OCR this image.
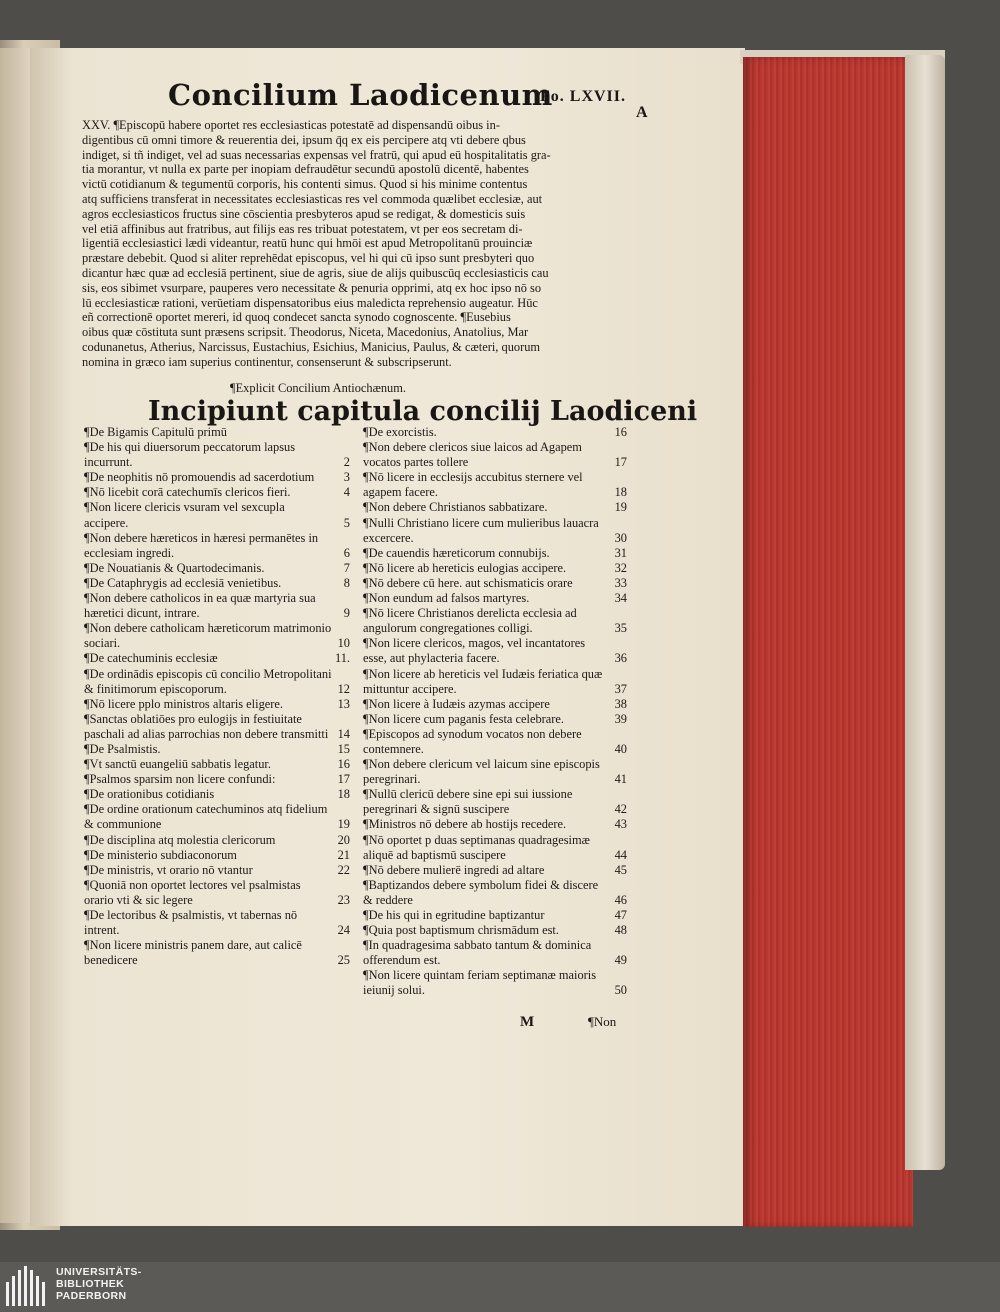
Concilium Laodicenum
Fo. LXVII.
A
XXV. ¶Episcopū habere oportet res ecclesiasticas potestatē ad dispensandū oibus in-
digentibus cū omni timore & reuerentia dei, ipsum q̄q ex eis percipere atq vti debere qbus
indiget, si tñ indiget, vel ad suas necessarias expensas vel fratrū, qui apud eū hospitalitatis gra-
tia morantur, vt nulla ex parte per inopiam defraudētur secundū apostolū dicentē, habentes
victū cotidianum & tegumentū corporis, his contenti simus. Quod si his minime contentus
atq sufficiens transferat in necessitates ecclesiasticas res vel commoda quælibet ecclesiæ, aut
agros ecclesiasticos fructus sine cōscientia presbyteros apud se redigat, & domesticis suis
vel etiā affinibus aut fratribus, aut filijs eas res tribuat potestatem, vt per eos secretam di-
ligentiā ecclesiastici lædi videantur, reatū hunc qui hmōi est apud Metropolitanū prouinciæ
præstare debebit. Quod si aliter reprehēdat episcopus, vel hi qui cū ipso sunt presbyteri quo
dicantur hæc quæ ad ecclesiā pertinent, siue de agris, siue de alijs quibuscūq ecclesiasticis cau
sis, eos sibimet vsurpare, pauperes vero necessitate & penuria opprimi, atq ex hoc ipso nō so
lū ecclesiasticæ rationi, verūetiam dispensatoribus eius maledicta reprehensio augeatur. Hūc
eñ correctionē oportet mereri, id quoq condecet sancta synodo cognoscente. ¶Eusebius
oibus quæ cōstituta sunt præsens scripsit. Theodorus, Niceta, Macedonius, Anatolius, Mar
codunanetus, Atherius, Narcissus, Eustachius, Esichius, Manicius, Paulus, & cæteri, quorum
nomina in græco iam superius continentur, consenserunt & subscripserunt.
¶Explicit Concilium Antiochænum.
Incipiunt capitula concilij Laodiceni
¶De Bigamis Capitulū primū
¶De his qui diuersorum peccatorum lapsus incurrunt.	2
¶De neophitis nō promouendis ad sacerdotium	3
¶Nō licebit corā catechumīs clericos fieri.	4
¶Non licere clericis vsuram vel sexcupla accipere.	5
¶Non debere hæreticos in hæresi permanētes in ecclesiam ingredi.	6
¶De Nouatianis & Quartodecimanis.	7
¶De Cataphrygis ad ecclesiā venietibus.	8
¶Non debere catholicos in ea quæ martyria sua hæretici dicunt, intrare.	9
¶Non debere catholicam hæreticorum matrimonio sociari.	10
¶De catechuminis ecclesiæ	11.
¶De ordinādis episcopis cū concilio Metropolitani & finitimorum episcoporum.	12
¶Nō licere pplo ministros altaris eligere.	13
¶Sanctas oblatiōes pro eulogijs in festiuitate paschali ad alias parrochias non debere transmitti 14
¶De Psalmistis.	15
¶Vt sanctū euangeliū sabbatis legatur.	16
¶Psalmos sparsim non licere confundi:	17
¶De orationibus cotidianis	18
¶De ordine orationum catechuminos atq fidelium & communione	19
¶De disciplina atq molestia clericorum	20
¶De ministerio subdiaconorum	21
¶De ministris, vt orario nō vtantur	22
¶Quoniā non oportet lectores vel psalmistas orario vti & sic legere	23
¶De lectoribus & psalmistis, vt tabernas nō intrent.	24
¶Non licere ministris panem dare, aut calicē benedicere	25
¶De exorcistis.	16
¶Non debere clericos siue laicos ad Agapem vocatos partes tollere	17
¶Nō licere in ecclesijs accubitus sternere vel agapem facere.	18
¶Non debere Christianos sabbatizare.	19
¶Nulli Christiano licere cum mulieribus lauacra excercere.	30
¶De cauendis hæreticorum connubijs.	31
¶Nō licere ab hereticis eulogias accipere.	32
¶Nō debere cū here. aut schismaticis orare	33
¶Non eundum ad falsos martyres.	34
¶Nō licere Christianos derelicta ecclesia ad angulorum congregationes colligi.	35
¶Non licere clericos, magos, vel incantatores esse, aut phylacteria facere.	36
¶Non licere ab hereticis vel Iudæis feriatica quæ mittuntur accipere.	37
¶Non licere à Iudæis azymas accipere	38
¶Non licere cum paganis festa celebrare.	39
¶Episcopos ad synodum vocatos non debere contemnere.	40
¶Non debere clericum vel laicum sine episcopis peregrinari.	41
¶Nullū clericū debere sine epi sui iussione peregrinari & signū suscipere	42
¶Ministros nō debere ab hostijs recedere.	43
¶Nō oportet p duas septimanas quadragesimæ aliquē ad baptismū suscipere	44
¶Nō debere mulierē ingredi ad altare	45
¶Baptizandos debere symbolum fidei & discere & reddere	46
¶De his qui in egritudine baptizantur	47
¶Quia post baptismum chrismādum est.	48
¶In quadragesima sabbato tantum & dominica offerendum est.	49
¶Non licere quintam feriam septimanæ maioris ieiunij solui.	50
M	¶Non
UNIVERSITÄTS-
BIBLIOTHEK
PADERBORN
